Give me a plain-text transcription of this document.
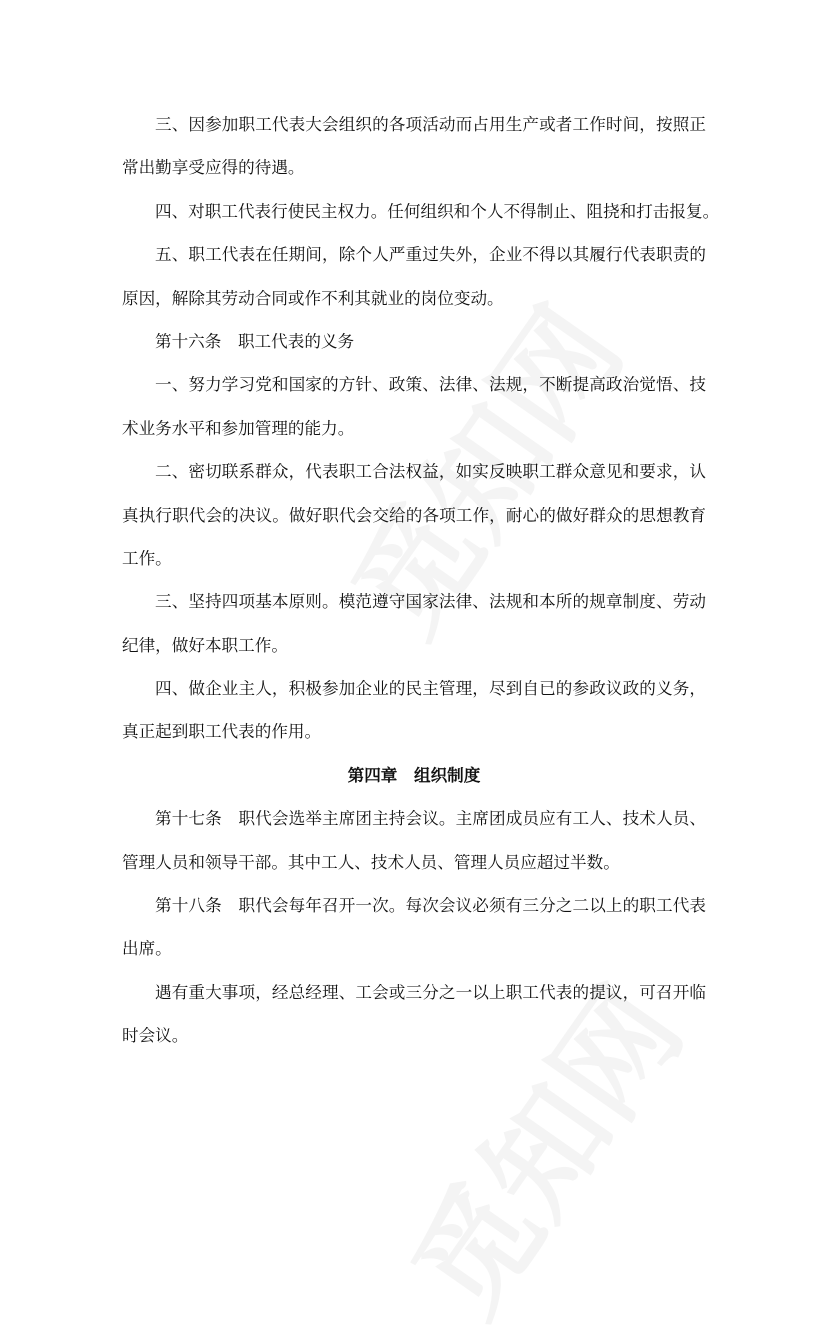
三、因参加职工代表大会组织的各项活动而占用生产或者工作时间，按照正
常出勤享受应得的待遇。
四、对职工代表行使民主权力。任何组织和个人不得制止、阻挠和打击报复。
五、职工代表在任期间，除个人严重过失外，企业不得以其履行代表职责的
原因，解除其劳动合同或作不利其就业的岗位变动。
第十六条　职工代表的义务
一、努力学习党和国家的方针、政策、法律、法规，不断提高政治觉悟、技
术业务水平和参加管理的能力。
二、密切联系群众，代表职工合法权益，如实反映职工群众意见和要求，认
真执行职代会的决议。做好职代会交给的各项工作，耐心的做好群众的思想教育
工作。
三、坚持四项基本原则。模范遵守国家法律、法规和本所的规章制度、劳动
纪律，做好本职工作。
四、做企业主人，积极参加企业的民主管理，尽到自已的参政议政的义务，
真正起到职工代表的作用。
第四章　组织制度
第十七条　职代会选举主席团主持会议。主席团成员应有工人、技术人员、
管理人员和领导干部。其中工人、技术人员、管理人员应超过半数。
第十八条　职代会每年召开一次。每次会议必须有三分之二以上的职工代表
出席。
遇有重大事项，经总经理、工会或三分之一以上职工代表的提议，可召开临
时会议。
